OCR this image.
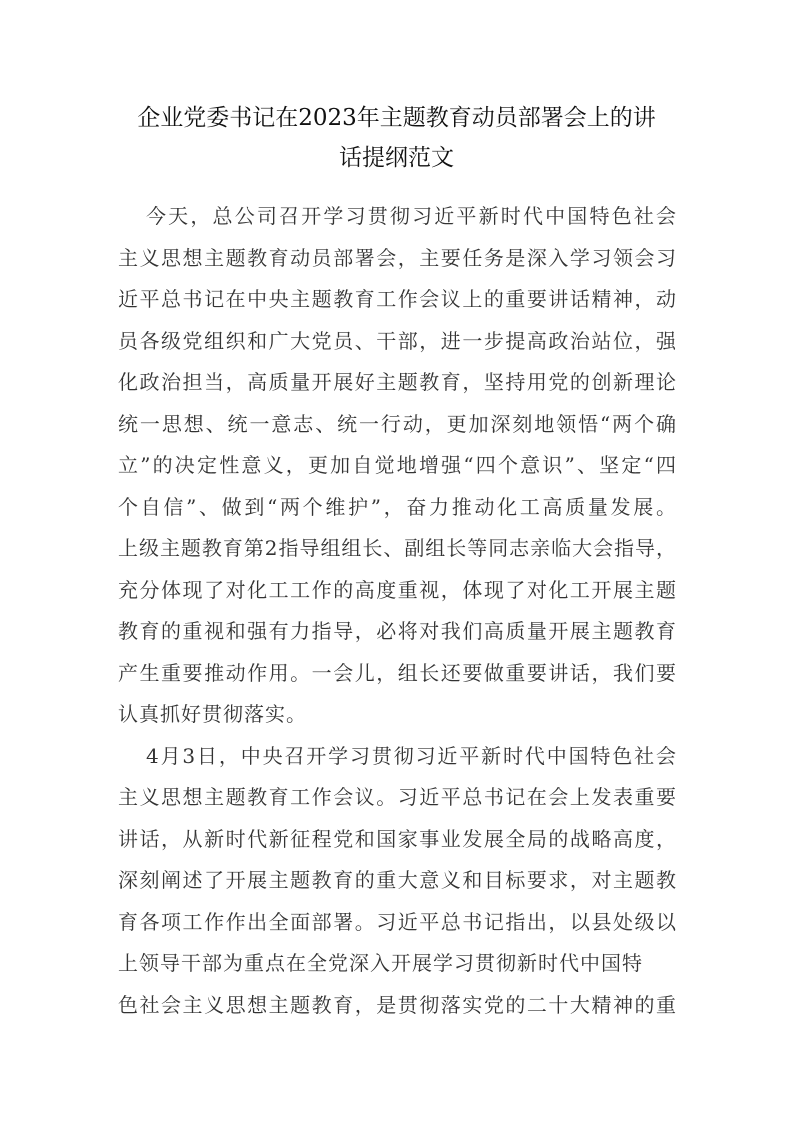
企业党委书记在2023年主题教育动员部署会上的讲
话提纲范文
今天，总公司召开学习贯彻习近平新时代中国特色社会
主义思想主题教育动员部署会，主要任务是深入学习领会习
近平总书记在中央主题教育工作会议上的重要讲话精神，动
员各级党组织和广大党员、干部，进一步提高政治站位，强
化政治担当，高质量开展好主题教育，坚持用党的创新理论
统一思想、统一意志、统一行动，更加深刻地领悟“两个确
立”的决定性意义，更加自觉地增强“四个意识”、坚定“四
个自信”、做到“两个维护”，奋力推动化工高质量发展。
上级主题教育第2指导组组长、副组长等同志亲临大会指导，
充分体现了对化工工作的高度重视，体现了对化工开展主题
教育的重视和强有力指导，必将对我们高质量开展主题教育
产生重要推动作用。一会儿，组长还要做重要讲话，我们要
认真抓好贯彻落实。
4月3日，中央召开学习贯彻习近平新时代中国特色社会
主义思想主题教育工作会议。习近平总书记在会上发表重要
讲话，从新时代新征程党和国家事业发展全局的战略高度，
深刻阐述了开展主题教育的重大意义和目标要求，对主题教
育各项工作作出全面部署。习近平总书记指出，以县处级以
上领导干部为重点在全党深入开展学习贯彻新时代中国特
色社会主义思想主题教育，是贯彻落实党的二十大精神的重
